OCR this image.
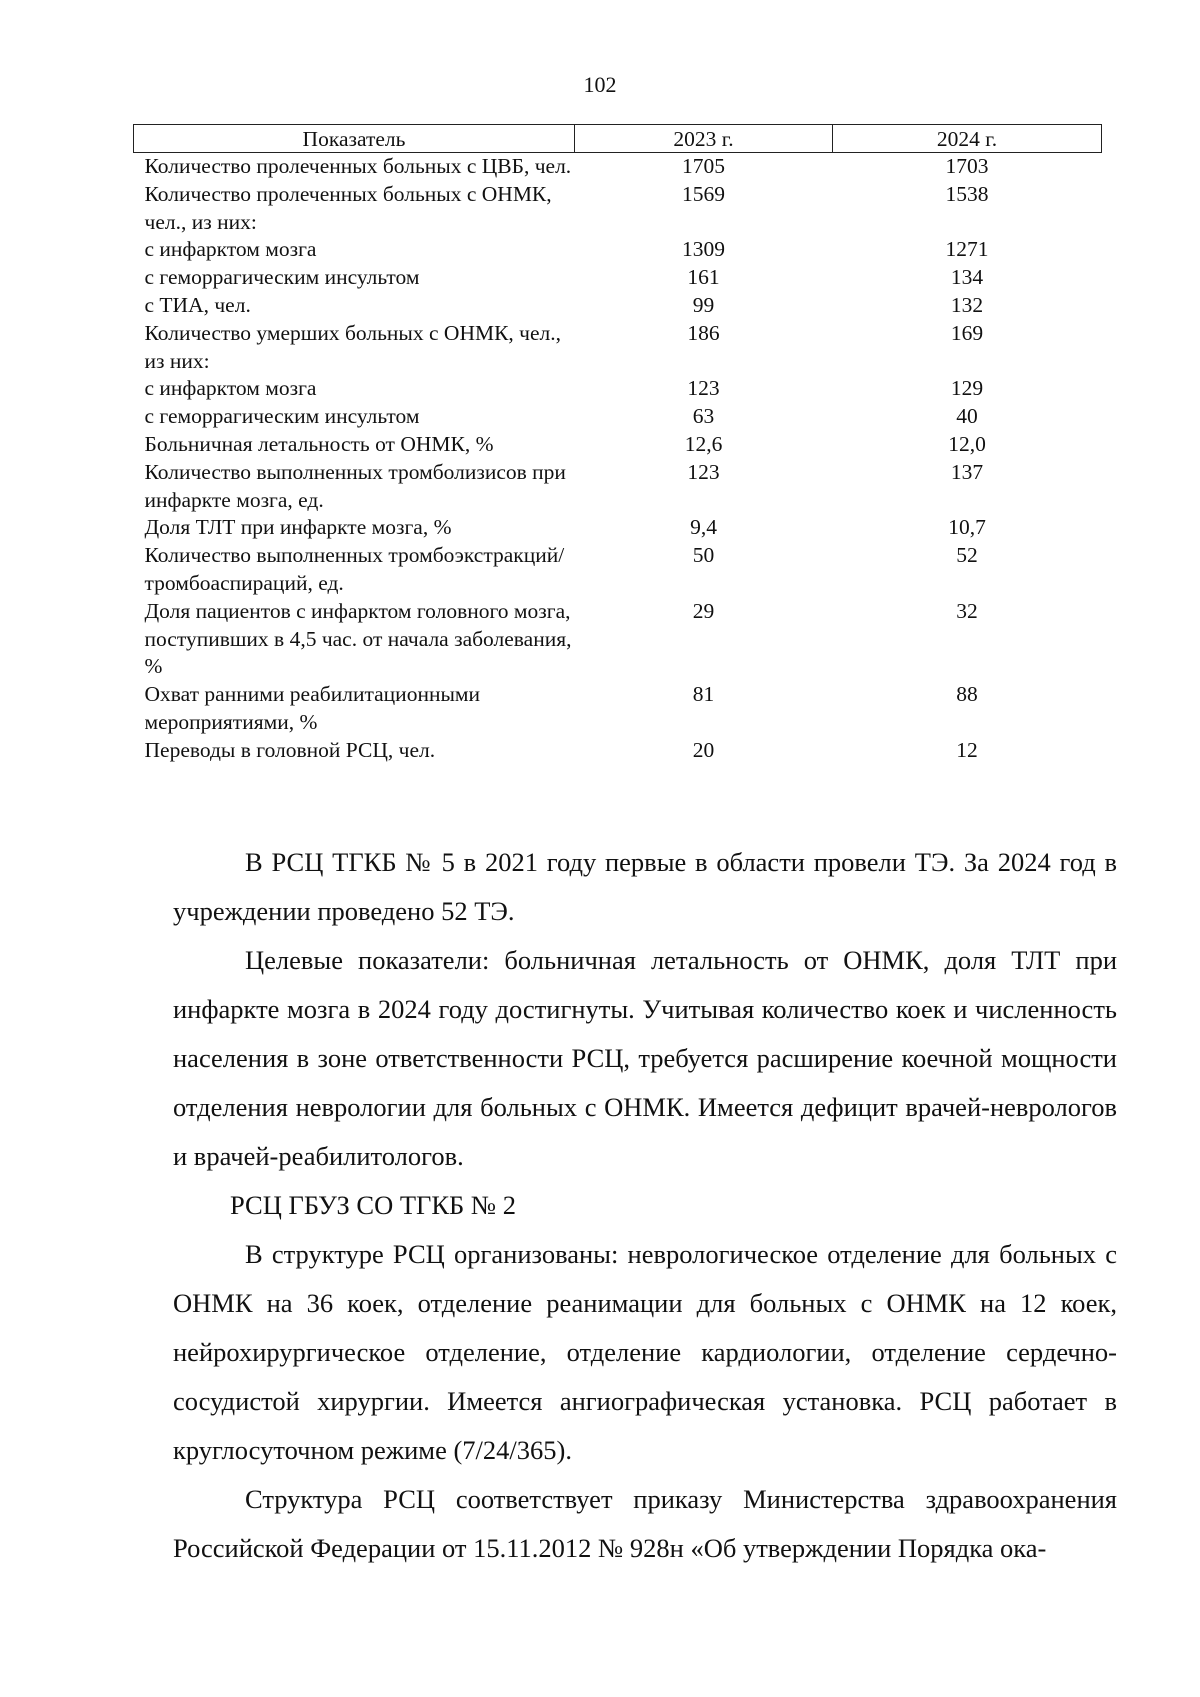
102
Показатель	2023 г.	2024 г.
Количество пролеченных больных с ЦВБ, чел.	1705	1703
Количество пролеченных больных с ОНМК, чел., из них:	1569	1538
с инфарктом мозга	1309	1271
с геморрагическим инсультом	161	134
с ТИА, чел.	99	132
Количество умерших больных с ОНМК, чел., из них:	186	169
с инфарктом мозга	123	129
с геморрагическим инсультом	63	40
Больничная летальность от ОНМК, %	12,6	12,0
Количество выполненных тромболизисов при инфаркте мозга, ед.	123	137
Доля ТЛТ при инфаркте мозга, %	9,4	10,7
Количество выполненных тромбоэкстракций/ тромбоаспираций, ед.	50	52
Доля пациентов с инфарктом головного мозга, поступивших в 4,5 час. от начала заболевания, %	29	32
Охват ранними реабилитационными мероприятиями, %	81	88
Переводы в головной РСЦ, чел.	20	12

В РСЦ ТГКБ № 5 в 2021 году первые в области провели ТЭ. За 2024 год в учреждении проведено 52 ТЭ.

Целевые показатели: больничная летальность от ОНМК, доля ТЛТ при инфаркте мозга в 2024 году достигнуты. Учитывая количество коек и численность населения в зоне ответственности РСЦ, требуется расширение коечной мощности отделения неврологии для больных с ОНМК. Имеется дефицит врачей-неврологов и врачей-реабилитологов.

РСЦ ГБУЗ СО ТГКБ № 2

В структуре РСЦ организованы: неврологическое отделение для больных с ОНМК на 36 коек, отделение реанимации для больных с ОНМК на 12 коек, нейрохирургическое отделение, отделение кардиологии, отделение сердечно-сосудистой хирургии. Имеется ангиографическая установка. РСЦ работает в круглосуточном режиме (7/24/365).

Структура РСЦ соответствует приказу Министерства здравоохранения Российской Федерации от 15.11.2012 № 928н «Об утверждении Порядка ока-
